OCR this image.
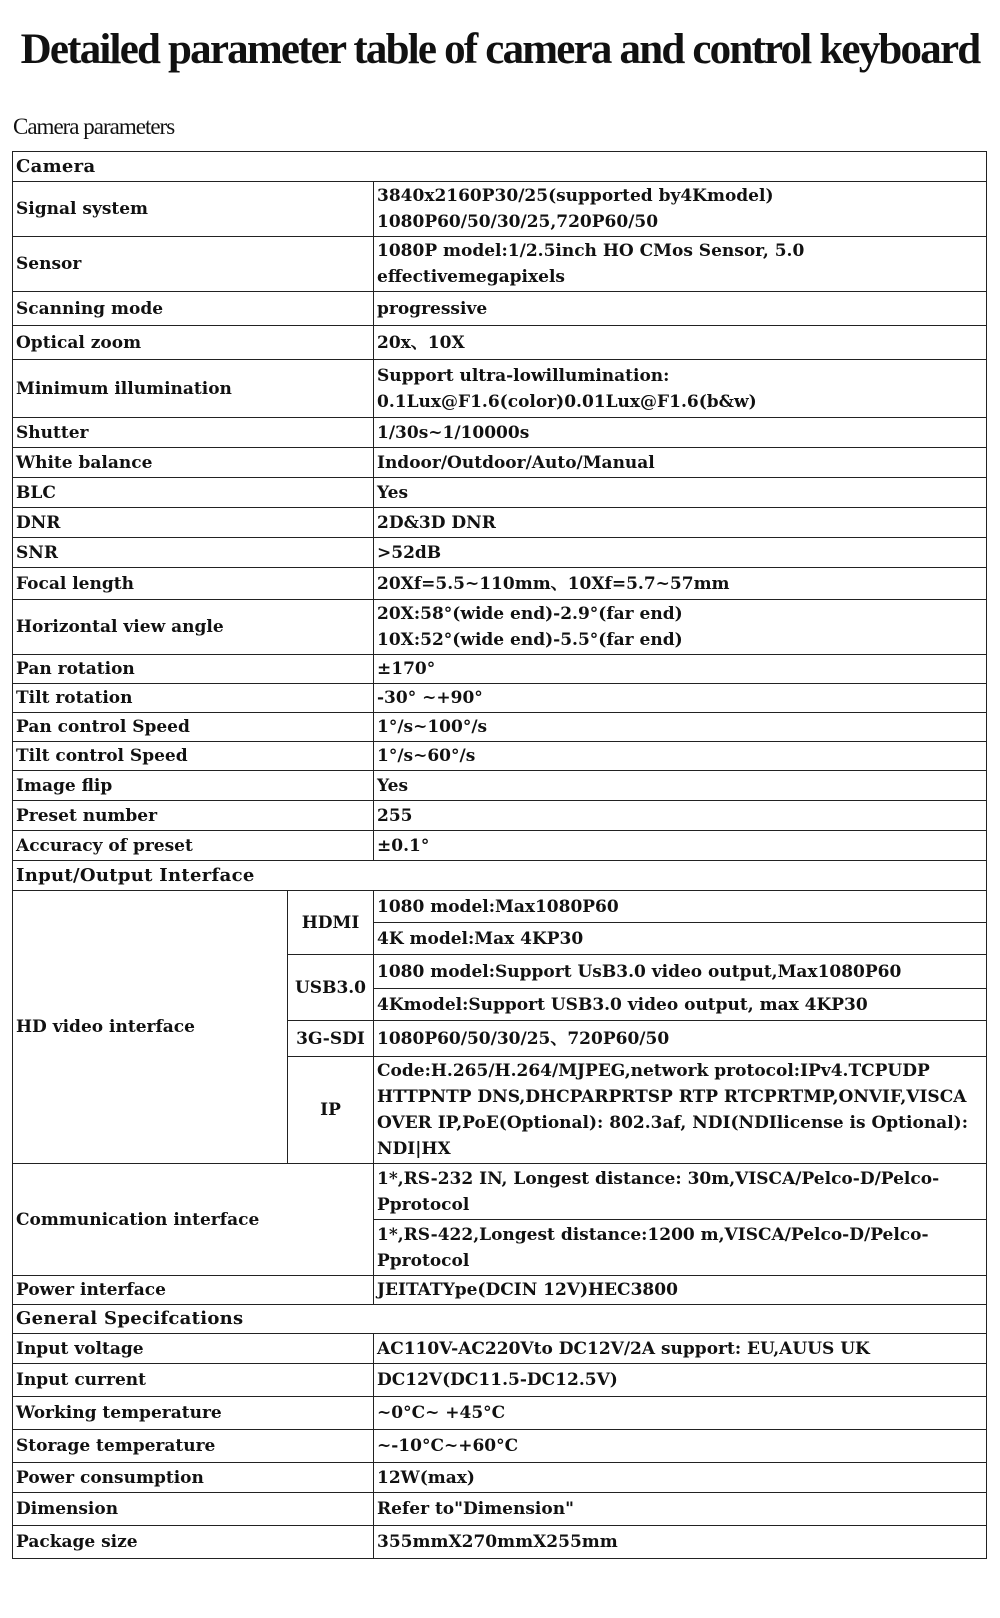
Detailed parameter table of camera and control keyboard
Camera parameters
Camera		
Signal system		3840x2160P30/25(supported by4Kmodel)
1080P60/50/30/25,720P60/50
Sensor		1080P model:1/2.5inch HO CMos Sensor, 5.0
effectivemegapixels
Scanning mode		progressive
Optical zoom		20x、10X
Minimum illumination		Support ultra-lowillumination:
0.1Lux@F1.6(color)0.01Lux@F1.6(b&w)
Shutter		1/30s~1/10000s
White balance		Indoor/Outdoor/Auto/Manual
BLC		Yes
DNR		2D&3D DNR
SNR		>52dB
Focal length		20Xf=5.5~110mm、10Xf=5.7~57mm
Horizontal view angle		20X:58°(wide end)-2.9°(far end)
10X:52°(wide end)-5.5°(far end)
Pan rotation		±170°
Tilt rotation		-30° ~+90°
Pan control Speed		1°/s~100°/s
Tilt control Speed		1°/s~60°/s
Image flip		Yes
Preset number		255
Accuracy of preset		±0.1°
Input/Output Interface		
HD video interface	HDMI	1080 model:Max1080P60
		4K model:Max 4KP30
	USB3.0	1080 model:Support UsB3.0 video output,Max1080P60
		4Kmodel:Support USB3.0 video output, max 4KP30
	3G-SDI	1080P60/50/30/25、720P60/50
	IP	Code:H.265/H.264/MJPEG,network protocol:IPv4.TCPUDP HTTPNTP DNS,DHCPARPRTSP RTP RTCPRTMP,ONVIF,VISCA OVER IP,PoE(Optional): 802.3af, NDI(NDIlicense is Optional): NDI|HX
Communication interface		1*,RS-232 IN, Longest distance: 30m,VISCA/Pelco-D/Pelco-Pprotocol
		1*,RS-422,Longest distance:1200 m,VISCA/Pelco-D/Pelco-Pprotocol
Power interface		JEITATYpe(DCIN 12V)HEC3800
General Specifcations		
Input voltage		AC110V-AC220Vto DC12V/2A support: EU,AUUS UK
Input current		DC12V(DC11.5-DC12.5V)
Working temperature		~0°C~ +45°C
Storage temperature		~-10°C~+60°C
Power consumption		12W(max)
Dimension		Refer to"Dimension"
Package size		355mmX270mmX255mm
